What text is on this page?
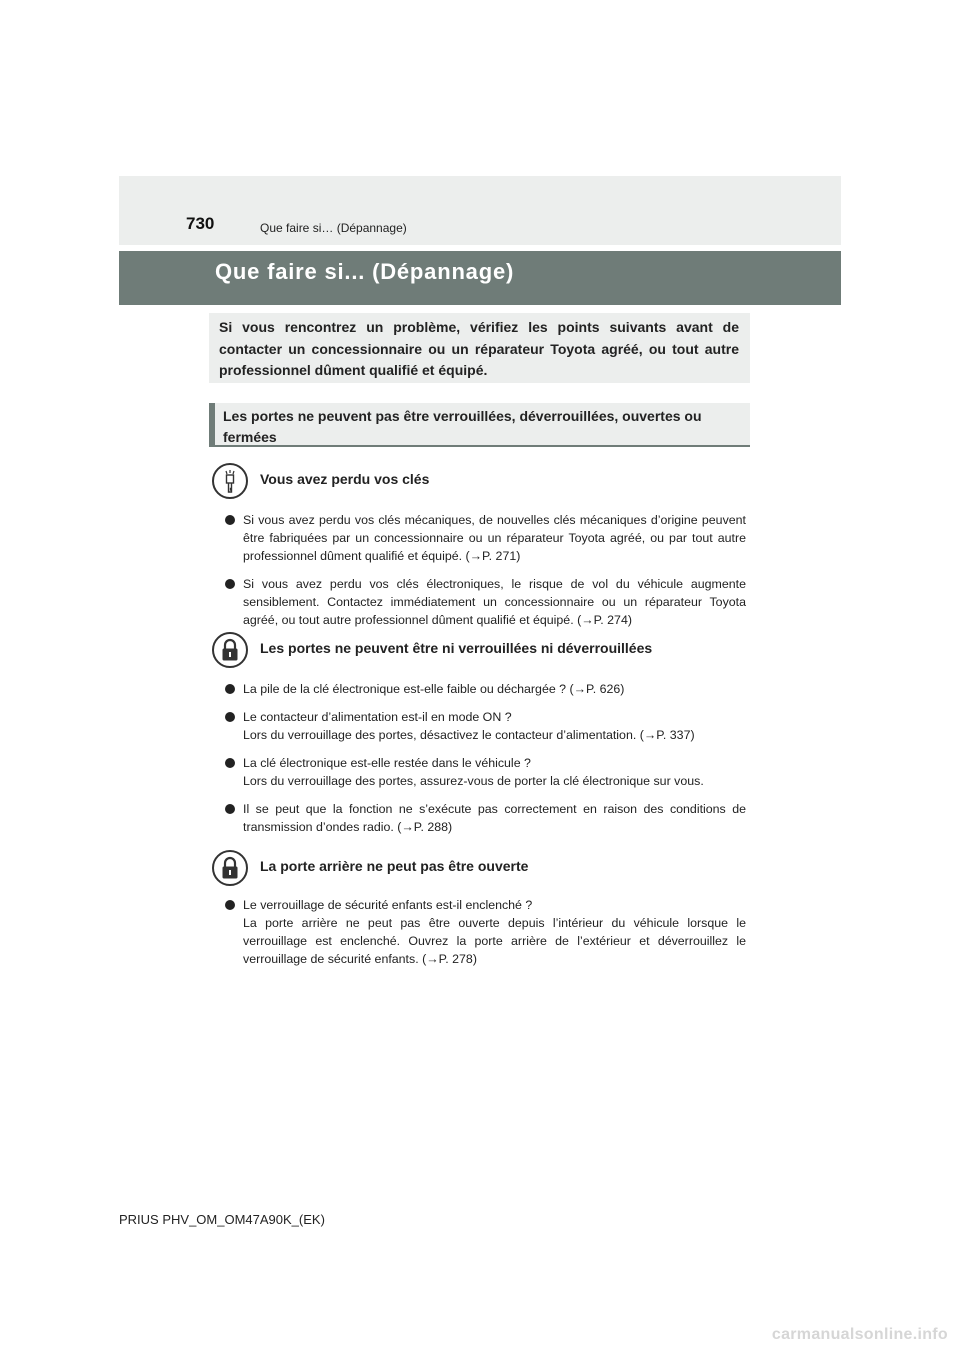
730	Que faire si… (Dépannage)
Que faire si... (Dépannage)
Si vous rencontrez un problème, vérifiez les points suivants avant de contacter un concessionnaire ou un réparateur Toyota agréé, ou tout autre professionnel dûment qualifié et équipé.
Les portes ne peuvent pas être verrouillées, déverrouillées, ouvertes ou fermées
Vous avez perdu vos clés
Si vous avez perdu vos clés mécaniques, de nouvelles clés mécaniques d’origine peuvent être fabriquées par un concessionnaire ou un réparateur Toyota agréé, ou par tout autre professionnel dûment qualifié et équipé. (→P. 271)
Si vous avez perdu vos clés électroniques, le risque de vol du véhicule augmente sensiblement. Contactez immédiatement un concessionnaire ou un réparateur Toyota agréé, ou tout autre professionnel dûment qualifié et équipé. (→P. 274)
Les portes ne peuvent être ni verrouillées ni déverrouillées
La pile de la clé électronique est-elle faible ou déchargée ? (→P. 626)
Le contacteur d’alimentation est-il en mode ON ?
Lors du verrouillage des portes, désactivez le contacteur d’alimentation. (→P. 337)
La clé électronique est-elle restée dans le véhicule ?
Lors du verrouillage des portes, assurez-vous de porter la clé électronique sur vous.
Il se peut que la fonction ne s’exécute pas correctement en raison des conditions de transmission d’ondes radio. (→P. 288)
La porte arrière ne peut pas être ouverte
Le verrouillage de sécurité enfants est-il enclenché ?
La porte arrière ne peut pas être ouverte depuis l’intérieur du véhicule lorsque le verrouillage est enclenché. Ouvrez la porte arrière de l’extérieur et déverrouillez le verrouillage de sécurité enfants. (→P. 278)
PRIUS PHV_OM_OM47A90K_(EK)
carmanualsonline.info
